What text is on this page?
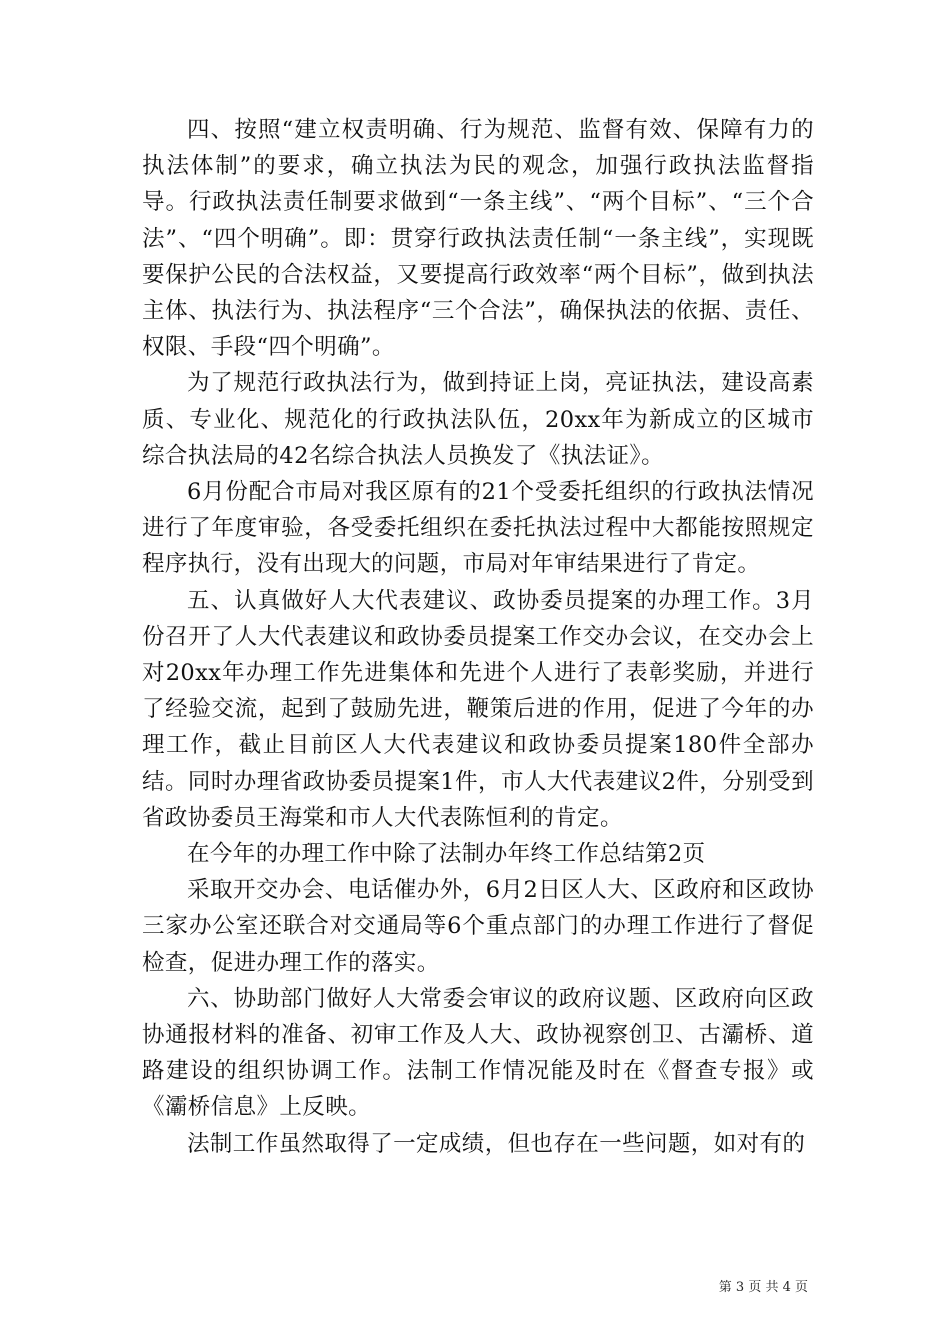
四、按照“建立权责明确、行为规范、监督有效、保障有力的执法体制”的要求，确立执法为民的观念，加强行政执法监督指导。行政执法责任制要求做到“一条主线”、“两个目标”、“三个合法”、“四个明确”。即：贯穿行政执法责任制“一条主线”，实现既要保护公民的合法权益，又要提高行政效率“两个目标”，做到执法主体、执法行为、执法程序“三个合法”，确保执法的依据、责任、权限、手段“四个明确”。

为了规范行政执法行为，做到持证上岗，亮证执法，建设高素质、专业化、规范化的行政执法队伍，20xx年为新成立的区城市综合执法局的42名综合执法人员换发了《执法证》。

6月份配合市局对我区原有的21个受委托组织的行政执法情况进行了年度审验，各受委托组织在委托执法过程中大都能按照规定程序执行，没有出现大的问题，市局对年审结果进行了肯定。

五、认真做好人大代表建议、政协委员提案的办理工作。3月份召开了人大代表建议和政协委员提案工作交办会议，在交办会上对20xx年办理工作先进集体和先进个人进行了表彰奖励，并进行了经验交流，起到了鼓励先进，鞭策后进的作用，促进了今年的办理工作，截止目前区人大代表建议和政协委员提案180件全部办结。同时办理省政协委员提案1件，市人大代表建议2件，分别受到省政协委员王海棠和市人大代表陈恒利的肯定。

在今年的办理工作中除了法制办年终工作总结第2页

采取开交办会、电话催办外，6月2日区人大、区政府和区政协三家办公室还联合对交通局等6个重点部门的办理工作进行了督促检查，促进办理工作的落实。

六、协助部门做好人大常委会审议的政府议题、区政府向区政协通报材料的准备、初审工作及人大、政协视察创卫、古灞桥、道路建设的组织协调工作。法制工作情况能及时在《督查专报》或《灞桥信息》上反映。

法制工作虽然取得了一定成绩，但也存在一些问题，如对有的

第 3 页 共 4 页
